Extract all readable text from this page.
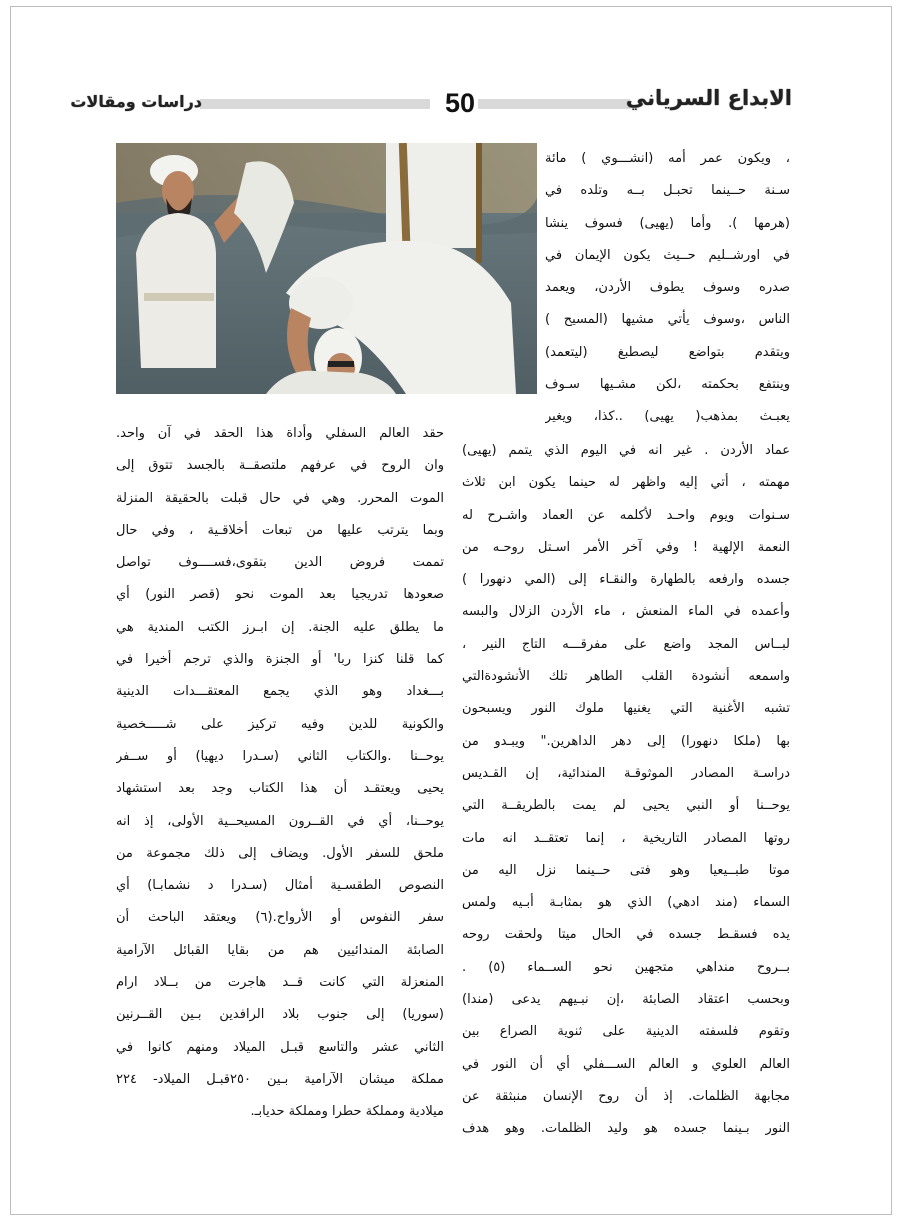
دراسات ومقالات	50	الابداع السرياني
، ويكون عمر أمه (انشـــوي ) مائة
سـنة حــينما تحبـل بــه وتلده في
(هرمها ). وأما (يهيى) فسوف ينشا
في اورشــليم حــيث يكون الإيمان في
صدره وسوف يطوف الأردن، ويعمد
الناس ،وسوف يأتي مشيها (المسيح )
ويتقدم بتواضع ليصطبغ (ليتعمد)
وينتفع بحكمته ،لكن مشـيها سـوف
يعبـث بمذهب( يهيى) ..كذا، ويغير
عماد الأردن . غير انه في اليوم الذي يتمم (يهيى)
مهمته ، أتي إليه واظهر له حينما يكون ابن ثلاث
سـنوات ويوم واحـد لأكلمه عن العماد واشـرح له
النعمة الإلهية ! وفي آخر الأمر اسـتل روحـه من
جسده وارفعه بالطهارة والنقـاء إلى (المي دنهورا )
وأعمده في الماء المنعش ، ماء الأردن الزلال والبسه
لبــاس المجد واضع على مفرقـــه التاج النير ،
واسمعه أنشودة القلب الطاهر تلك الأنشودةالتي
تشبه الأغنية التي يغنيها ملوك النور ويسبحون
بها (ملكا دنهورا) إلى دهر الداهرين." ويبـدو من
دراسـة المصادر الموثوقـة المندائية، إن القـديس
يوحــنا أو النبي يحيى لم يمت بالطريقــة التي
روتها المصادر التاريخية ، إنما تعتقــد انه مات
موتا طبــيعيا وهو فتى حــينما نزل اليه من
السماء (مند ادهي) الذي هو بمثابـة أبـيه ولمس
يده فسقـط جسده في الحال ميتا ولحقت روحه
بــروح منداهي متجهين نحو الســماء (٥) .
وبحسب اعتقاد الصابئة ،إن نبـيهم يدعى (مندا)
وتقوم فلسفته الدينية على ثنوية الصراع بين
العالم العلوي و العالم الســـفلي أي أن النور في
مجابهة الظلمات. إذ أن روح الإنسان منبثقة عن
النور بـينما جسده هو وليد الظلمات. وهو هدف
حقد العالم السفلي وأداة هذا الحقد في آن واحد.
وان الروح في عرفهم ملتصقــة بالجسد تتوق إلى
الموت المحرر. وهي في حال قبلت بالحقيقة المنزلة
وبما يترتب عليها من تبعات أخلاقـية ، وفي حال
تممت فروض الدين بتقوى،فســــوف تواصل
صعودها تدريجيا بعد الموت نحو (قصر النور) أي
ما يطلق عليه الجنة. إن ابـرز الكتب المندية هي
كما قلنا كنزا ربا' أو الجنزة والذي ترجم أخيرا في
بـــغداد وهو الذي يجمع المعتقـــدات الدينية
والكونية للدين وفيه تركيز على شـــــخصية
يوحــنا .والكتاب الثاني (سـدرا ديهيا) أو ســفر
يحيى ويعتقـد أن هذا الكتاب وجد بعد استشهاد
يوحــنا، أي في القــرون المسيحــية الأولى، إذ انه
ملحق للسفر الأول. ويضاف إلى ذلك مجموعة من
النصوص الطقسـية أمثال (سـدرا د نشمابـا) أي
سفر النفوس أو الأرواح.(٦) ويعتقد الباحث أن
الصابئة المندائيين هم من بقايا القبائل الآرامية
المنعزلة التي كانت قــد هاجرت من بــلاد ارام
(سوريا) إلى جنوب بلاد الرافدين بـين القــرنين
الثاني عشر والتاسع قبـل الميلاد ومنهم كانوا في
مملكة ميشان الآرامية بـين ٢٥٠قبـل الميلاد- ٢٢٤
ميلادية ومملكة حطرا ومملكة حديابـ.
